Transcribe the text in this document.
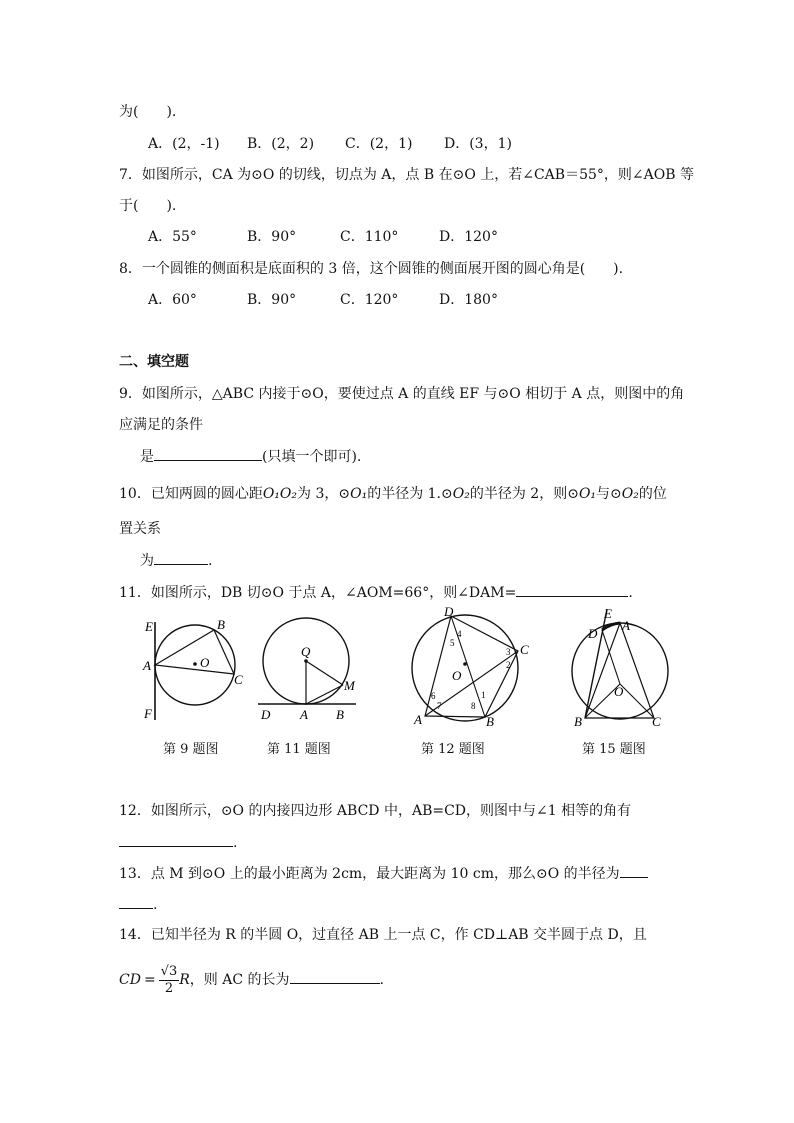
为(　　).
A．(2，-1) B．(2，2) C．(2，1) D．(3，1)
7．如图所示，CA 为⊙O 的切线，切点为 A，点 B 在⊙O 上，若∠CAB＝55°，则∠AOB 等
于(　　).
A．55°	B．90°	C．110°	D．120°
8．一个圆锥的侧面积是底面积的 3 倍，这个圆锥的侧面展开图的圆心角是(　　).
A．60°	B．90°	C．120°	D．180°
二、填空题
9．如图所示，△ABC 内接于⊙O，要使过点 A 的直线 EF 与⊙O 相切于 A 点，则图中的角
应满足的条件
是	(只填一个即可).
10．已知两圆的圆心距O₁O₂为 3，⊙O₁的半径为 1.⊙O₂的半径为 2，则⊙O₁与⊙O₂的位
置关系
为	.
11．如图所示，DB 切⊙O 于点 A，∠AOM=66°，则∠DAM=	.
E	B
A	O
C
F
Q
M
D A B
D
4
5
3 C
2
O
1
6
7	8
A	B
E
D
A
O
B	C
第 9 题图	第 11 题图	第 12 题图	第 15 题图
12．如图所示，⊙O 的内接四边形 ABCD 中，AB=CD，则图中与∠1 相等的角有
.
13．点 M 到⊙O 上的最小距离为 2cm，最大距离为 10 cm，那么⊙O 的半径为
.
14．已知半径为 R 的半圆 O，过直径 AB 上一点 C，作 CD⊥AB 交半圆于点 D，且
CD = $\frac{√3}{2}$ R，则 AC 的长为	.
